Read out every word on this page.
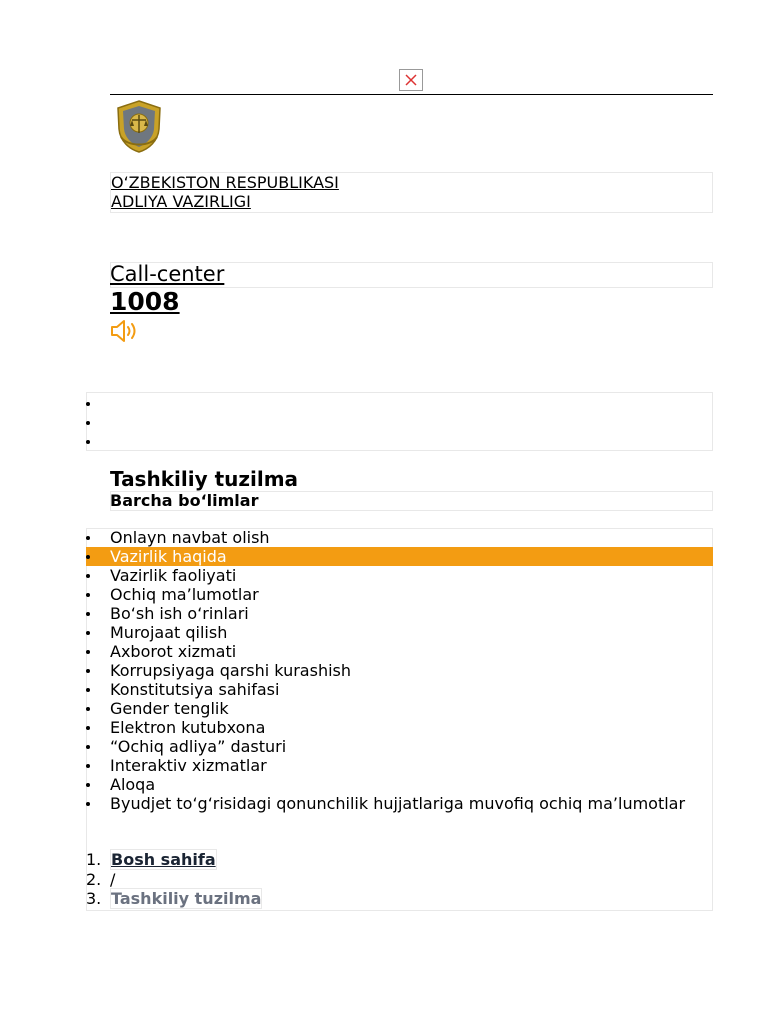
O‘ZBEKISTON RESPUBLIKASI
ADLIYA VAZIRLIGI
Call-center
1008
Tashkiliy tuzilma
Barcha bo‘limlar
Onlayn navbat olish
Vazirlik haqida
Vazirlik faoliyati
Ochiq ma’lumotlar
Bo‘sh ish o‘rinlari
Murojaat qilish
Axborot xizmati
Korrupsiyaga qarshi kurashish
Konstitutsiya sahifasi
Gender tenglik
Elektron kutubxona
“Ochiq adliya” dasturi
Interaktiv xizmatlar
Aloqa
Byudjet to‘g‘risidagi qonunchilik hujjatlariga muvofiq ochiq ma’lumotlar
1. Bosh sahifa
2. /
3. Tashkiliy tuzilma
